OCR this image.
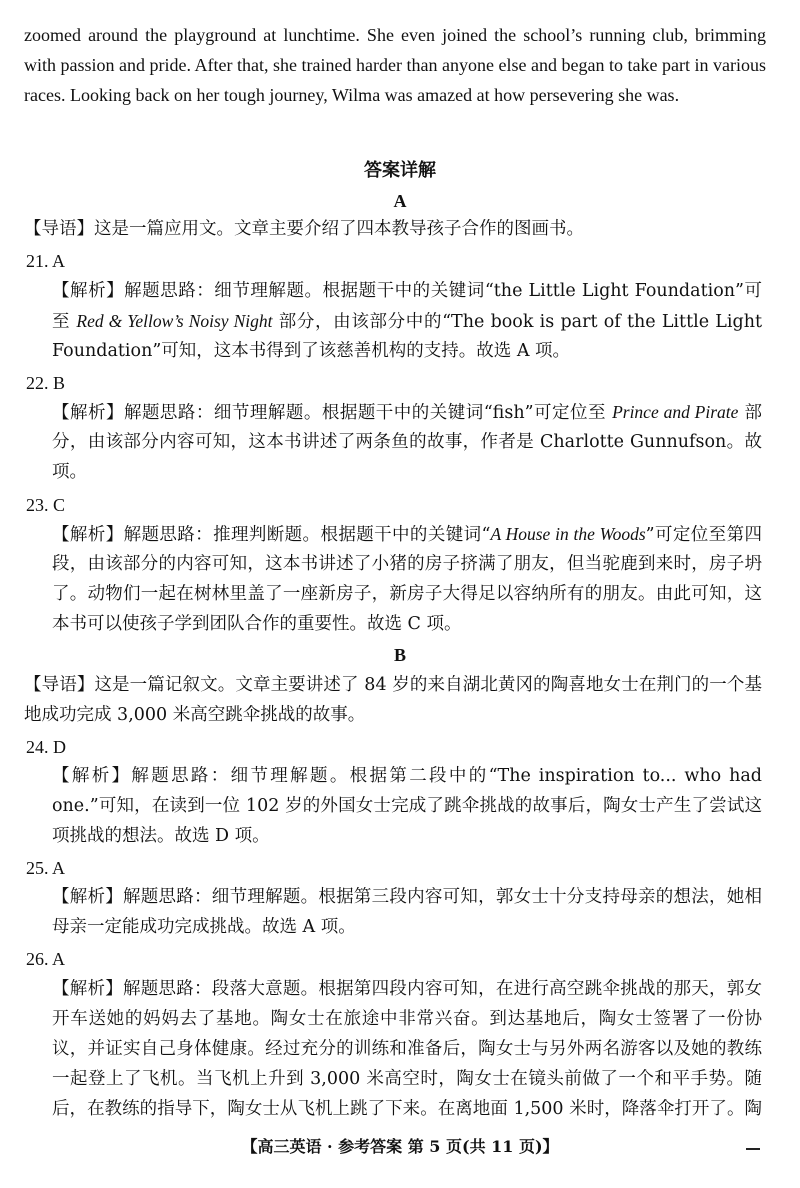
zoomed around the playground at lunchtime. She even joined the school’s running club, brimming with passion and pride. After that, she trained harder than anyone else and began to take part in various races. Looking back on her tough journey, Wilma was amazed at how persevering she was.

答案详解
A
【导语】这是一篇应用文。文章主要介绍了四本教导孩子合作的图画书。
21. A
【解析】解题思路：细节理解题。根据题干中的关键词“the Little Light Foundation”可
至 Red & Yellow’s Noisy Night 部分，由该部分中的“The book is part of the Little Light
Foundation”可知，这本书得到了该慈善机构的支持。故选 A 项。
22. B
【解析】解题思路：细节理解题。根据题干中的关键词“fish”可定位至 Prince and Pirate 部
分，由该部分内容可知，这本书讲述了两条鱼的故事，作者是 Charlotte Gunnufson。故
项。
23. C
【解析】解题思路：推理判断题。根据题干中的关键词“A House in the Woods”可定位至第四
段，由该部分的内容可知，这本书讲述了小猪的房子挤满了朋友，但当驼鹿到来时，房子坍
了。动物们一起在树林里盖了一座新房子，新房子大得足以容纳所有的朋友。由此可知，这
本书可以使孩子学到团队合作的重要性。故选 C 项。
B
【导语】这是一篇记叙文。文章主要讲述了 84 岁的来自湖北黄冈的陶喜地女士在荆门的一个基
地成功完成 3,000 米高空跳伞挑战的故事。
24. D
【解析】解题思路：细节理解题。根据第二段中的“The inspiration to... who had
one.”可知，在读到一位 102 岁的外国女士完成了跳伞挑战的故事后，陶女士产生了尝试这
项挑战的想法。故选 D 项。
25. A
【解析】解题思路：细节理解题。根据第三段内容可知，郭女士十分支持母亲的想法，她相
母亲一定能成功完成挑战。故选 A 项。
26. A
【解析】解题思路：段落大意题。根据第四段内容可知，在进行高空跳伞挑战的那天，郭女
开车送她的妈妈去了基地。陶女士在旅途中非常兴奋。到达基地后，陶女士签署了一份协
议，并证实自己身体健康。经过充分的训练和准备后，陶女士与另外两名游客以及她的教练
一起登上了飞机。当飞机上升到 3,000 米高空时，陶女士在镜头前做了一个和平手势。随
后，在教练的指导下，陶女士从飞机上跳了下来。在离地面 1,500 米时，降落伞打开了。陶
【高三英语 · 参考答案 第 5 页(共 11 页)】
